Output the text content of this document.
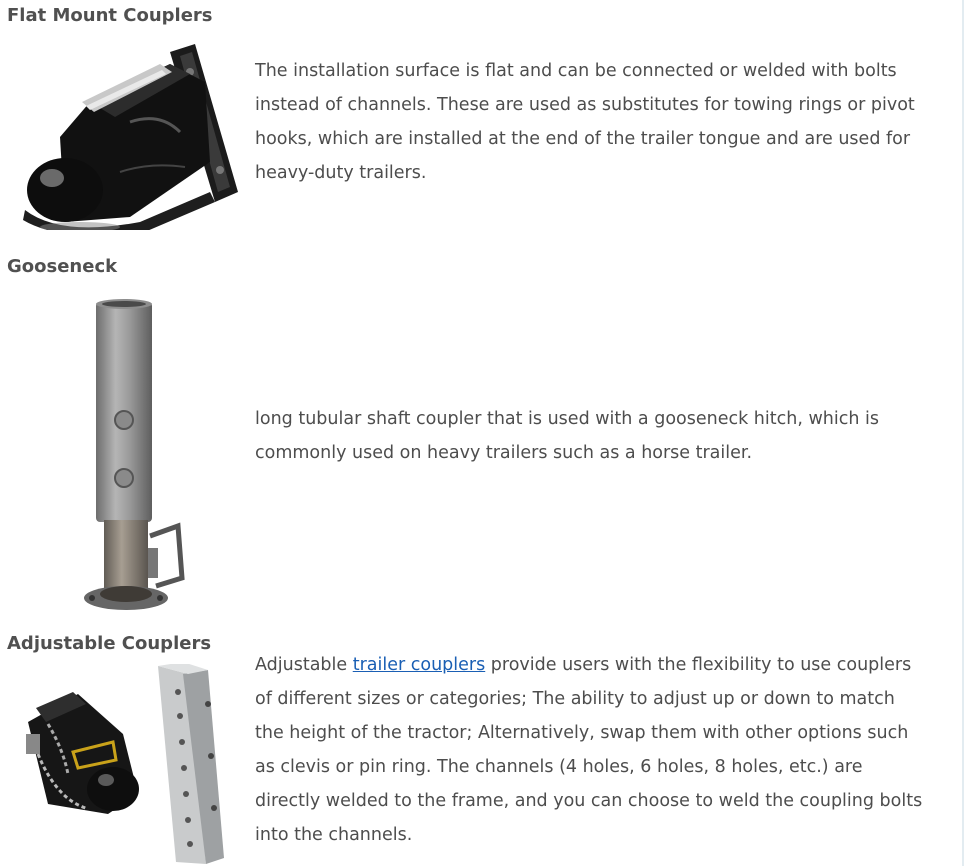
Flat Mount Couplers

The installation surface is flat and can be connected or welded with bolts instead of channels. These are used as substitutes for towing rings or pivot hooks, which are installed at the end of the trailer tongue and are used for heavy-duty trailers.

Gooseneck

long tubular shaft coupler that is used with a gooseneck hitch, which is commonly used on heavy trailers such as a horse trailer.

Adjustable Couplers

Adjustable trailer couplers provide users with the flexibility to use couplers of different sizes or categories; The ability to adjust up or down to match the height of the tractor; Alternatively, swap them with other options such as clevis or pin ring. The channels (4 holes, 6 holes, 8 holes, etc.) are directly welded to the frame, and you can choose to weld the coupling bolts into the channels.
